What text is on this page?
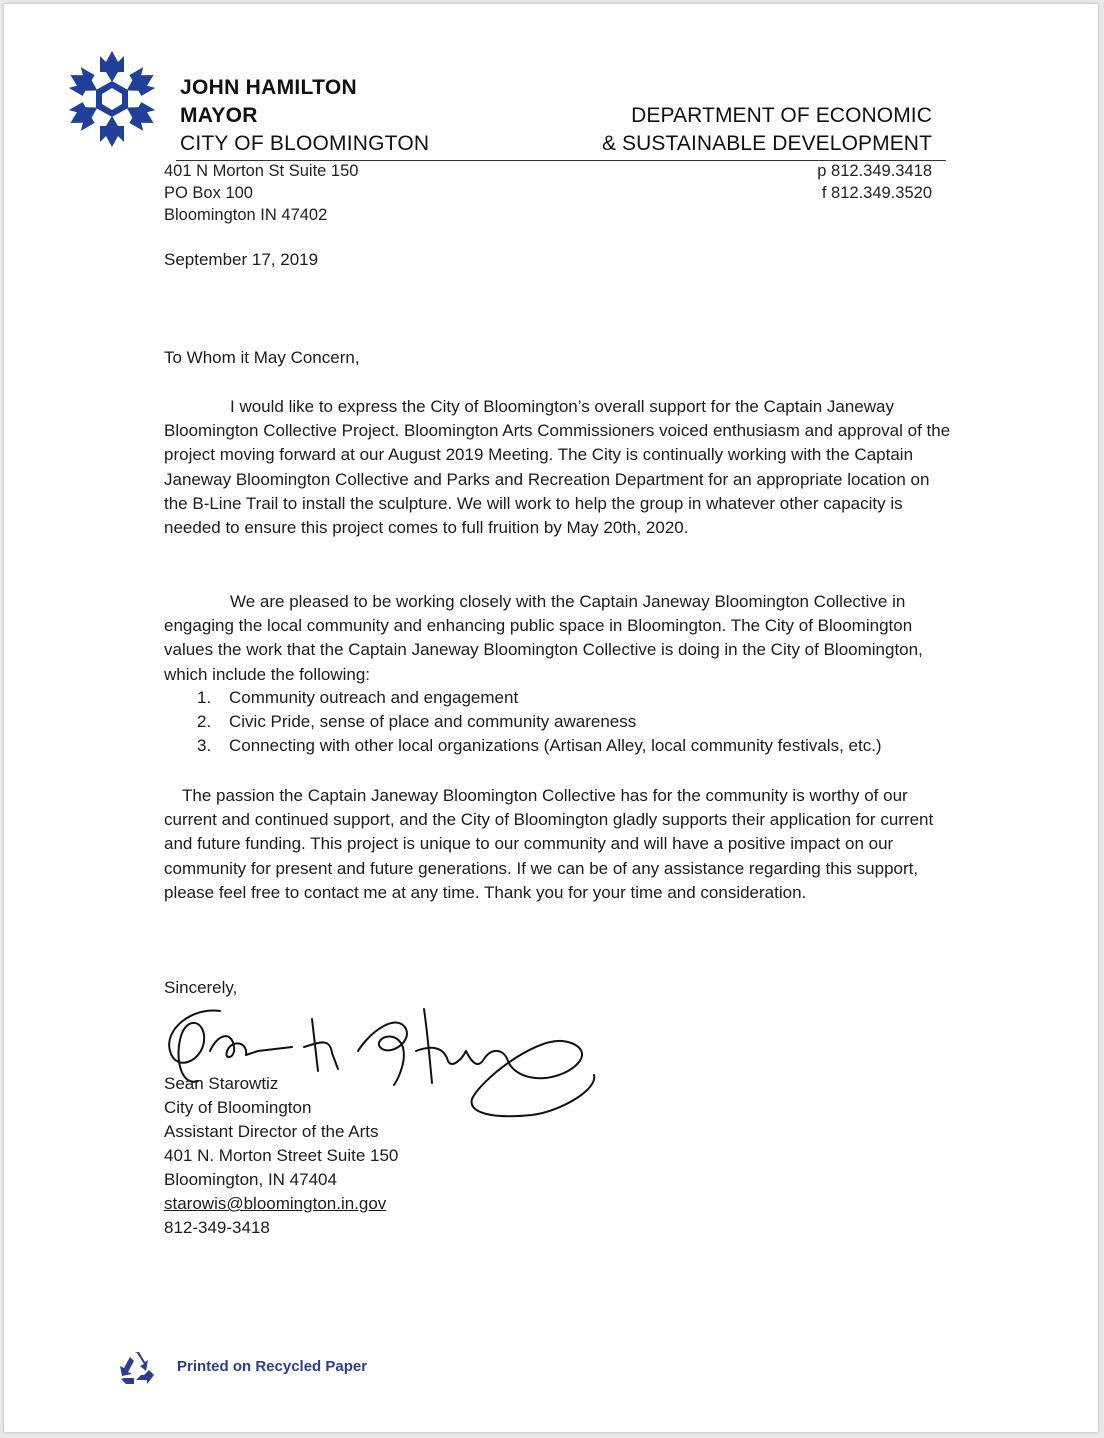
JOHN HAMILTON
MAYOR
CITY OF BLOOMINGTON
DEPARTMENT OF ECONOMIC
& SUSTAINABLE DEVELOPMENT
401 N Morton St Suite 150
PO Box 100
Bloomington IN 47402
p 812.349.3418
f 812.349.3520
September 17, 2019
To Whom it May Concern,
I would like to express the City of Bloomington’s overall support for the Captain Janeway Bloomington Collective Project. Bloomington Arts Commissioners voiced enthusiasm and approval of the project moving forward at our August 2019 Meeting. The City is continually working with the Captain Janeway Bloomington Collective and Parks and Recreation Department for an appropriate location on the B-Line Trail to install the sculpture. We will work to help the group in whatever other capacity is needed to ensure this project comes to full fruition by May 20th, 2020.
We are pleased to be working closely with the Captain Janeway Bloomington Collective in engaging the local community and enhancing public space in Bloomington. The City of Bloomington values the work that the Captain Janeway Bloomington Collective is doing in the City of Bloomington, which include the following:
1. Community outreach and engagement
2. Civic Pride, sense of place and community awareness
3. Connecting with other local organizations (Artisan Alley, local community festivals, etc.)
The passion the Captain Janeway Bloomington Collective has for the community is worthy of our current and continued support, and the City of Bloomington gladly supports their application for current and future funding. This project is unique to our community and will have a positive impact on our community for present and future generations. If we can be of any assistance regarding this support, please feel free to contact me at any time. Thank you for your time and consideration.
Sincerely,
Sean Starowtiz
City of Bloomington
Assistant Director of the Arts
401 N. Morton Street Suite 150
Bloomington, IN 47404
starowis@bloomington.in.gov
812-349-3418
Printed on Recycled Paper
